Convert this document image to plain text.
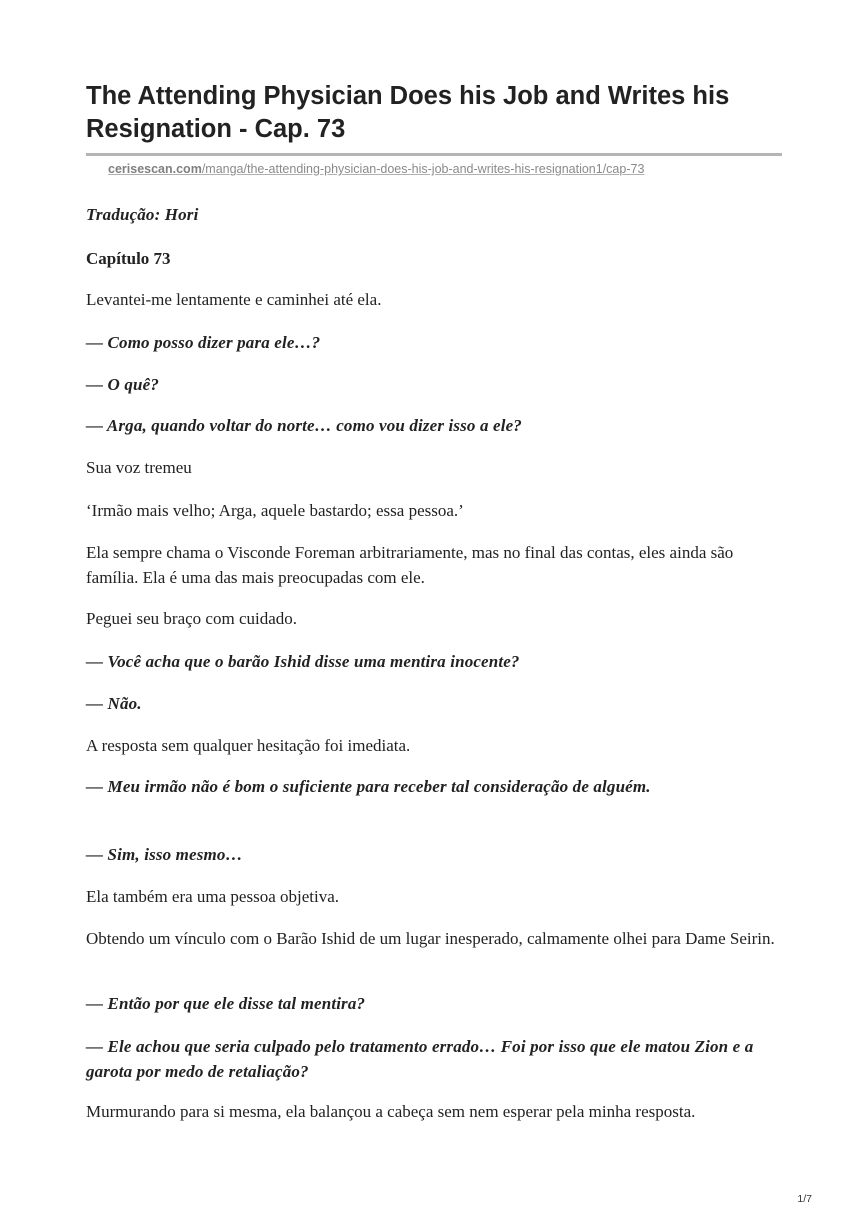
The Attending Physician Does his Job and Writes his Resignation - Cap. 73
cerisescan.com/manga/the-attending-physician-does-his-job-and-writes-his-resignation1/cap-73

Tradução: Hori

Capítulo 73

Levantei-me lentamente e caminhei até ela.

— Como posso dizer para ele…?

— O quê?

— Arga, quando voltar do norte… como vou dizer isso a ele?

Sua voz tremeu

‘Irmão mais velho; Arga, aquele bastardo; essa pessoa.’

Ela sempre chama o Visconde Foreman arbitrariamente, mas no final das contas, eles ainda são família. Ela é uma das mais preocupadas com ele.

Peguei seu braço com cuidado.

— Você acha que o barão Ishid disse uma mentira inocente?

— Não.

A resposta sem qualquer hesitação foi imediata.

— Meu irmão não é bom o suficiente para receber tal consideração de alguém.

— Sim, isso mesmo…

Ela também era uma pessoa objetiva.

Obtendo um vínculo com o Barão Ishid de um lugar inesperado, calmamente olhei para Dame Seirin.

— Então por que ele disse tal mentira?

— Ele achou que seria culpado pelo tratamento errado… Foi por isso que ele matou Zion e a garota por medo de retaliação?

Murmurando para si mesma, ela balançou a cabeça sem nem esperar pela minha resposta.

1/7
